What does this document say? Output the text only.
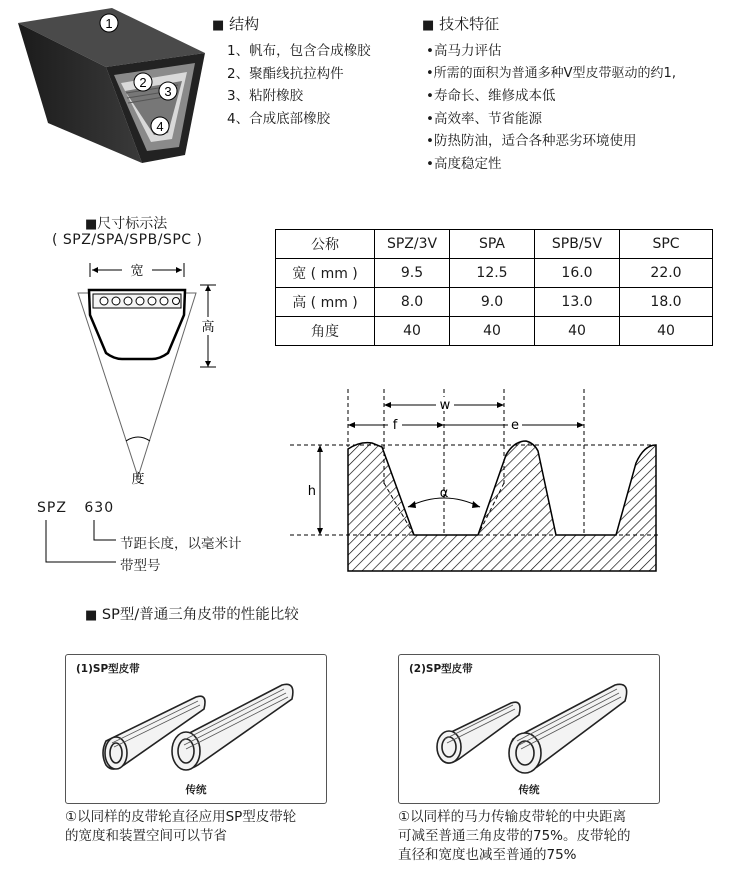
1
2
3
4
■ 结构
1、帆布，包含合成橡胶
2、聚酯线抗拉构件
3、粘附橡胶
4、合成底部橡胶
■ 技术特征
•高马力评估
•所需的面积为普通多种V型皮带驱动的约1,
•寿命长、维修成本低
•高效率、节省能源
•防热防油，适合各种恶劣环境使用
•高度稳定性
■尺寸标示法
( SPZ/SPA/SPB/SPC )
宽
高
度
SPZ 630
节距长度，以毫米计
带型号
公称	SPZ/3V	SPA	SPB/5V	SPC
宽 ( mm )	9.5	12.5	16.0	22.0
高 ( mm )	8.0	9.0	13.0	18.0
角度	40	40	40	40
w
f	e
h	α
■ SP型/普通三角皮带的性能比较
(1)SP型皮带
传统
①以同样的皮带轮直径应用SP型皮带轮
的宽度和装置空间可以节省
(2)SP型皮带
传统
①以同样的马力传输皮带轮的中央距离
可减至普通三角皮带的75%。皮带轮的
直径和宽度也减至普通的75%
